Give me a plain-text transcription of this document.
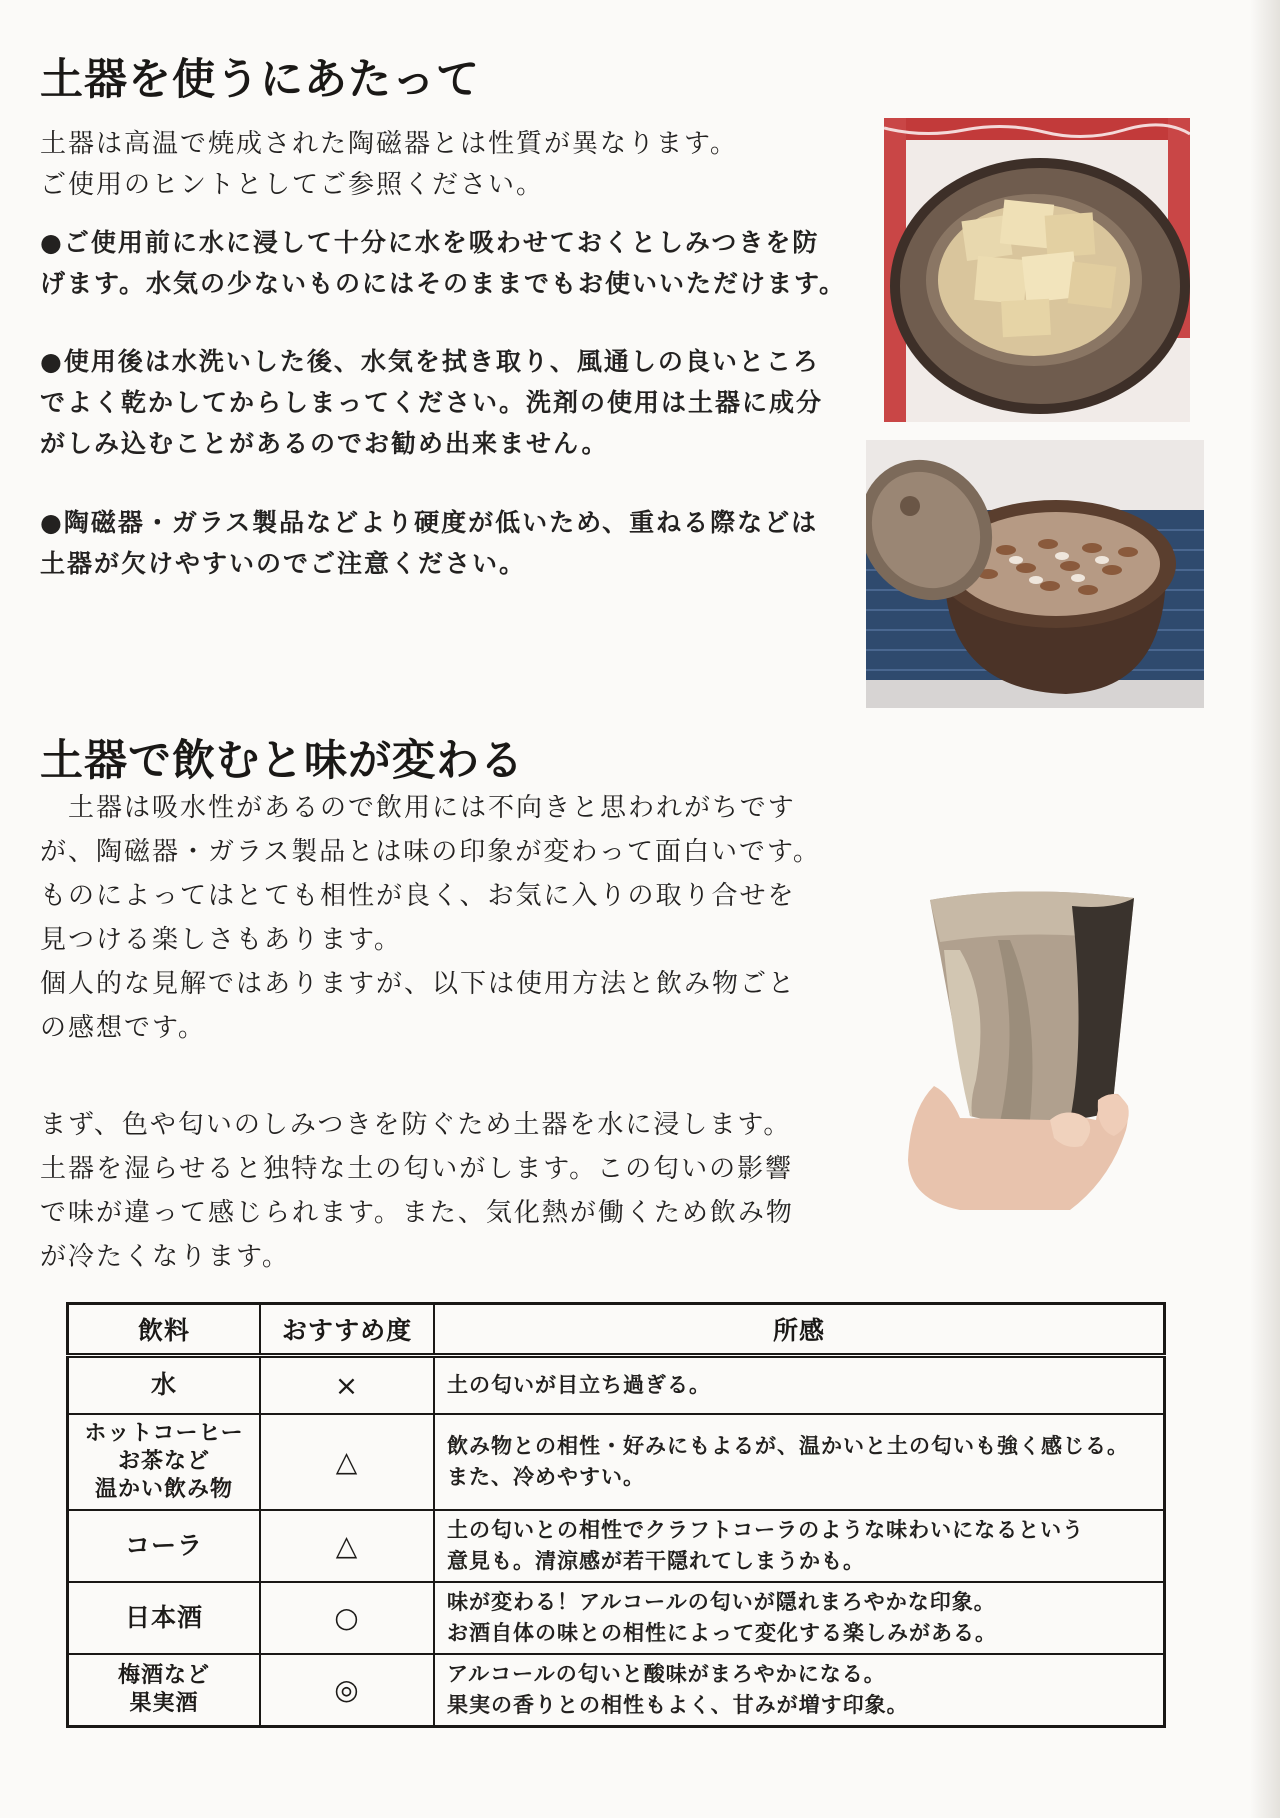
土器を使うにあたって
土器は高温で焼成された陶磁器とは性質が異なります。
ご使用のヒントとしてご参照ください。
●ご使用前に水に浸して十分に水を吸わせておくとしみつきを防
げます。水気の少ないものにはそのままでもお使いいただけます。
●使用後は水洗いした後、水気を拭き取り、風通しの良いところ
でよく乾かしてからしまってください。洗剤の使用は土器に成分
がしみ込むことがあるのでお勧め出来ません。
●陶磁器・ガラス製品などより硬度が低いため、重ねる際などは
土器が欠けやすいのでご注意ください。
土器で飲むと味が変わる
　土器は吸水性があるので飲用には不向きと思われがちです
が、陶磁器・ガラス製品とは味の印象が変わって面白いです。
ものによってはとても相性が良く、お気に入りの取り合せを
見つける楽しさもあります。
個人的な見解ではありますが、以下は使用方法と飲み物ごと
の感想です。
まず、色や匂いのしみつきを防ぐため土器を水に浸します。
土器を湿らせると独特な土の匂いがします。この匂いの影響
で味が違って感じられます。また、気化熱が働くため飲み物
が冷たくなります。
飲料	おすすめ度	所感
水	×	土の匂いが目立ち過ぎる。

ホットコーヒー
お茶など
温かい飲み物	△	飲み物との相性・好みにもよるが、温かいと土の匂いも強く感じる。
また、冷めやすい。

コーラ	△	土の匂いとの相性でクラフトコーラのような味わいになるという
意見も。清涼感が若干隠れてしまうかも。

日本酒	○	味が変わる！アルコールの匂いが隠れまろやかな印象。
お酒自体の味との相性によって変化する楽しみがある。

梅酒など
果実酒	◎	アルコールの匂いと酸味がまろやかになる。
果実の香りとの相性もよく、甘みが増す印象。
